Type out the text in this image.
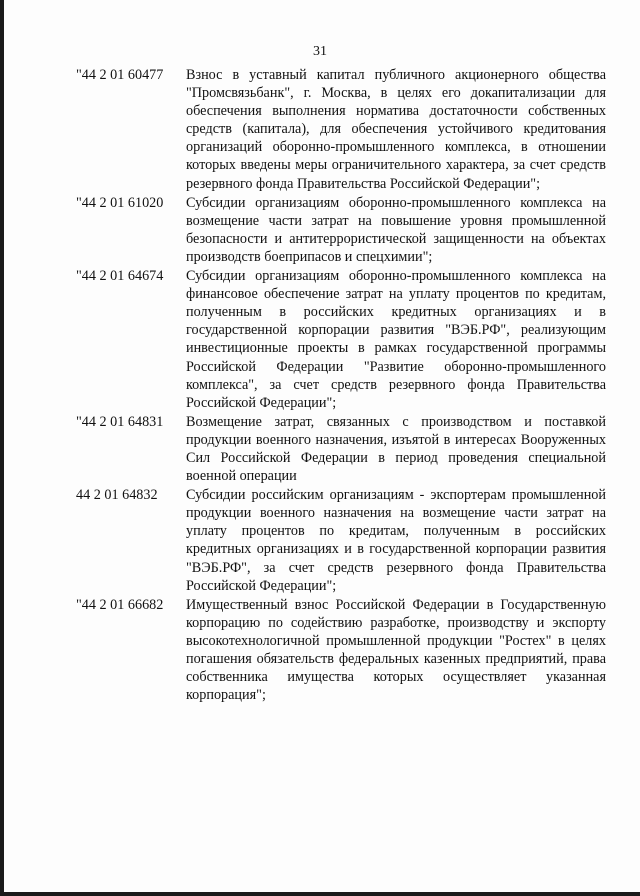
31
"44 2 01 60477	Взнос в уставный капитал публичного акционерного общества "Промсвязьбанк", г. Москва, в целях его докапитализации для обеспечения выполнения норматива достаточности собственных средств (капитала), для обеспечения устойчивого кредитования организаций оборонно-промышленного комплекса, в отношении которых введены меры ограничительного характера, за счет средств резервного фонда Правительства Российской Федерации";
"44 2 01 61020	Субсидии организациям оборонно-промышленного комплекса на возмещение части затрат на повышение уровня промышленной безопасности и антитеррористической защищенности на объектах производств боеприпасов и спецхимии";
"44 2 01 64674	Субсидии организациям оборонно-промышленного комплекса на финансовое обеспечение затрат на уплату процентов по кредитам, полученным в российских кредитных организациях и в государственной корпорации развития "ВЭБ.РФ", реализующим инвестиционные проекты в рамках государственной программы Российской Федерации "Развитие оборонно-промышленного комплекса", за счет средств резервного фонда Правительства Российской Федерации";
"44 2 01 64831	Возмещение затрат, связанных с производством и поставкой продукции военного назначения, изъятой в интересах Вооруженных Сил Российской Федерации в период проведения специальной военной операции
44 2 01 64832	Субсидии российским организациям - экспортерам промышленной продукции военного назначения на возмещение части затрат на уплату процентов по кредитам, полученным в российских кредитных организациях и в государственной корпорации развития "ВЭБ.РФ", за счет средств резервного фонда Правительства Российской Федерации";
"44 2 01 66682	Имущественный взнос Российской Федерации в Государственную корпорацию по содействию разработке, производству и экспорту высокотехнологичной промышленной продукции "Ростех" в целях погашения обязательств федеральных казенных предприятий, права собственника имущества которых осуществляет указанная корпорация";
